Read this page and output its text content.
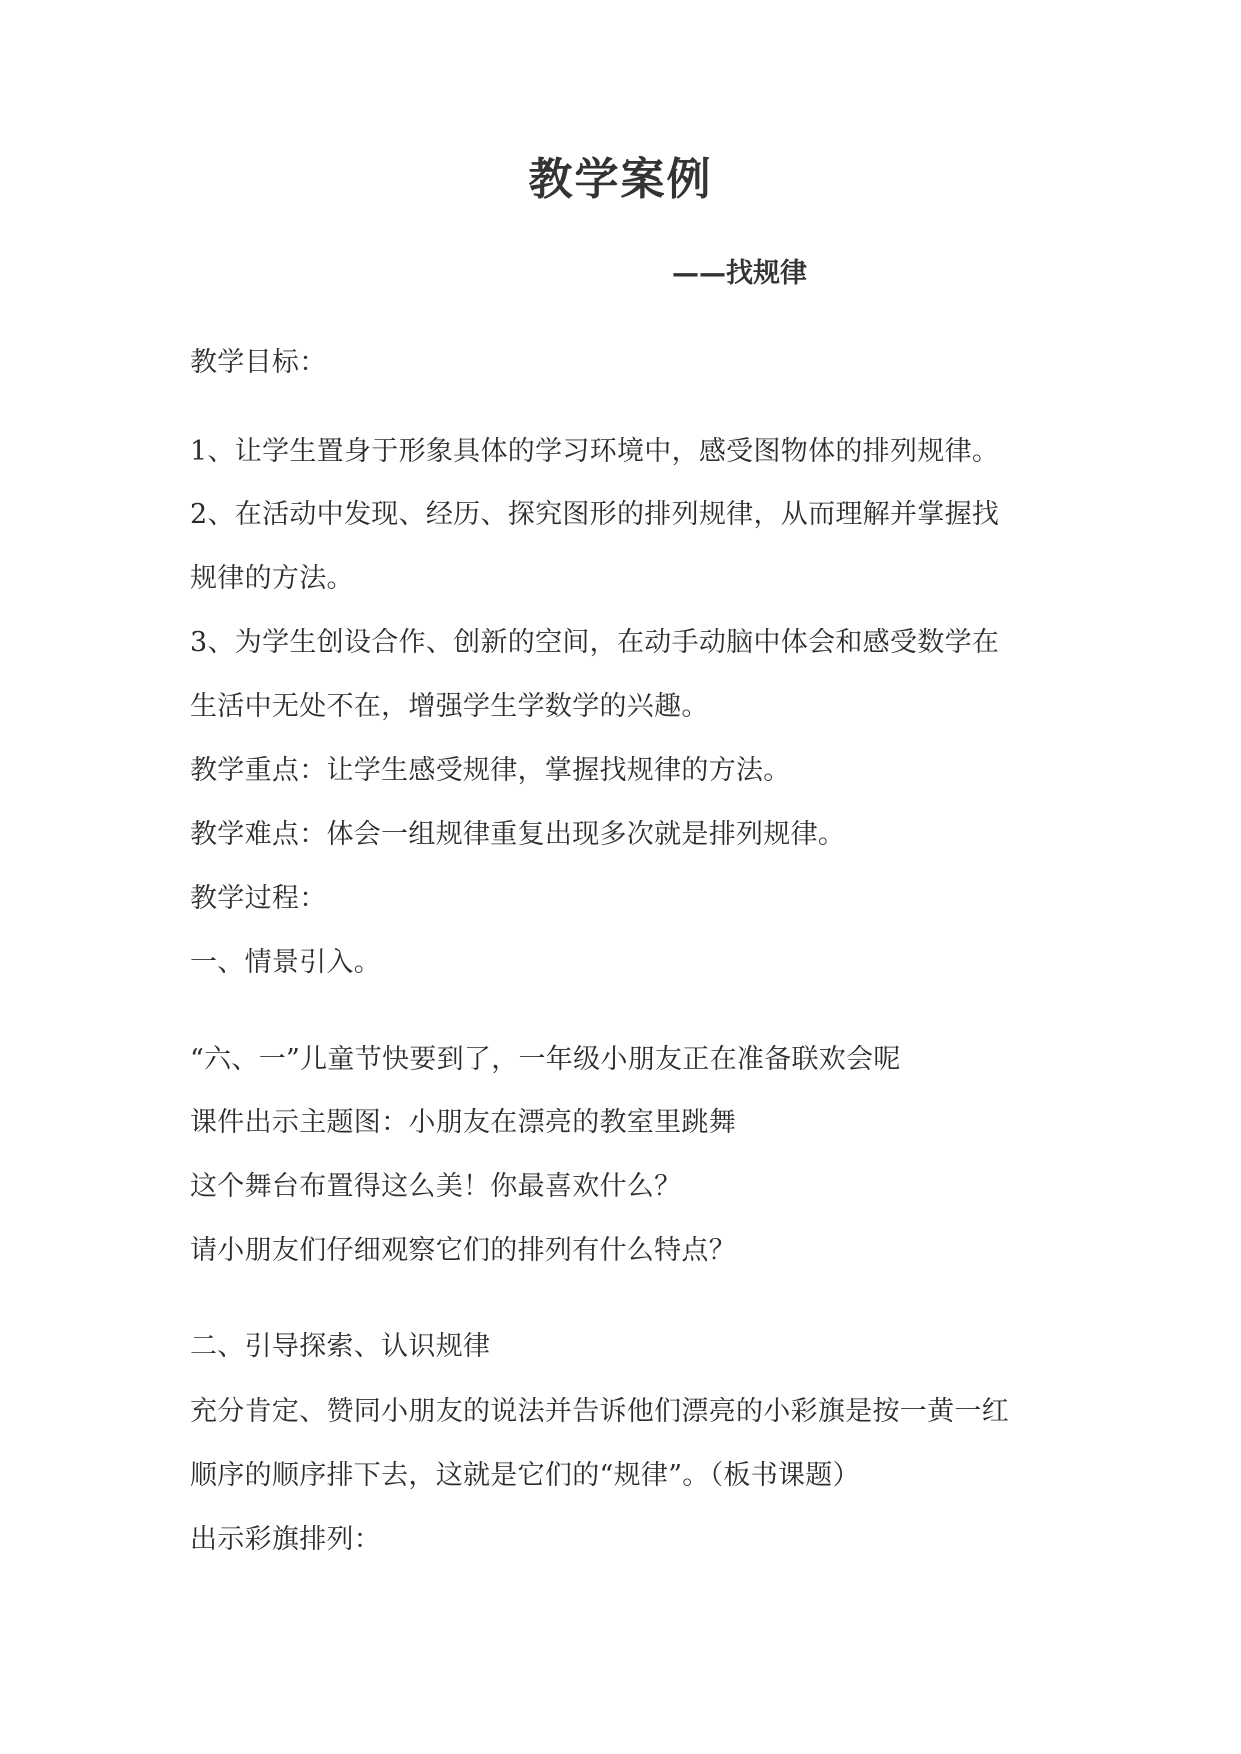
教学案例
——找规律
教学目标：
1、让学生置身于形象具体的学习环境中，感受图物体的排列规律。
2、在活动中发现、经历、探究图形的排列规律，从而理解并掌握找
规律的方法。
3、为学生创设合作、创新的空间，在动手动脑中体会和感受数学在
生活中无处不在，增强学生学数学的兴趣。
教学重点：让学生感受规律，掌握找规律的方法。
教学难点：体会一组规律重复出现多次就是排列规律。
教学过程：
一、情景引入。
“六、一”儿童节快要到了，一年级小朋友正在准备联欢会呢
课件出示主题图：小朋友在漂亮的教室里跳舞
这个舞台布置得这么美！你最喜欢什么？
请小朋友们仔细观察它们的排列有什么特点？
二、引导探索、认识规律
充分肯定、赞同小朋友的说法并告诉他们漂亮的小彩旗是按一黄一红
顺序的顺序排下去，这就是它们的“规律”。（板书课题）
出示彩旗排列：
